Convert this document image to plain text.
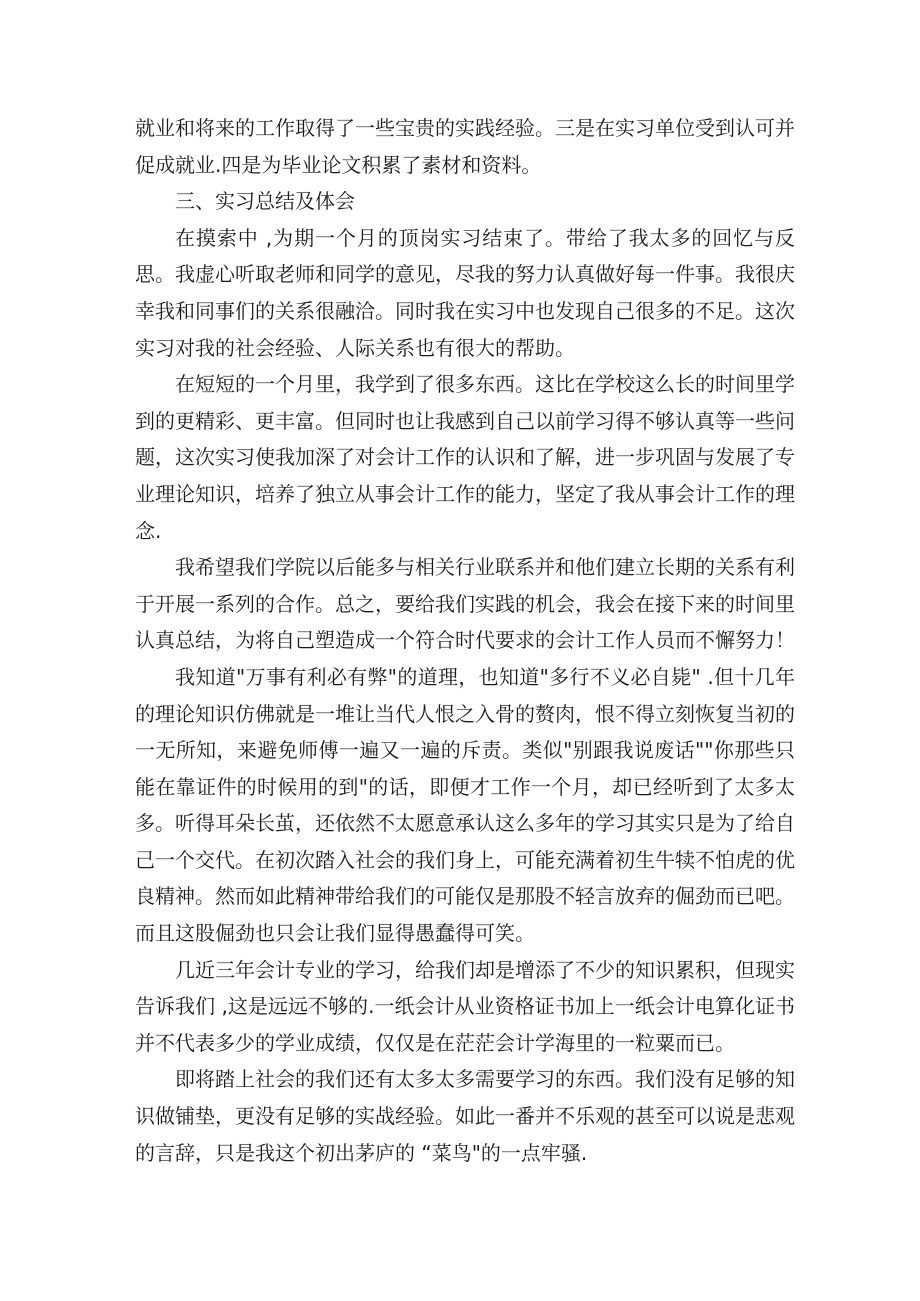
就业和将来的工作取得了一些宝贵的实践经验。三是在实习单位受到认可并促成就业.四是为毕业论文积累了素材和资料。

三、实习总结及体会

在摸索中 ,为期一个月的顶岗实习结束了。带给了我太多的回忆与反思。我虚心听取老师和同学的意见，尽我的努力认真做好每一件事。我很庆幸我和同事们的关系很融洽。同时我在实习中也发现自己很多的不足。这次实习对我的社会经验、人际关系也有很大的帮助。

在短短的一个月里，我学到了很多东西。这比在学校这么长的时间里学到的更精彩、更丰富。但同时也让我感到自己以前学习得不够认真等一些问题，这次实习使我加深了对会计工作的认识和了解，进一步巩固与发展了专业理论知识，培养了独立从事会计工作的能力，坚定了我从事会计工作的理念.

我希望我们学院以后能多与相关行业联系并和他们建立长期的关系有利于开展一系列的合作。总之，要给我们实践的机会，我会在接下来的时间里认真总结，为将自己塑造成一个符合时代要求的会计工作人员而不懈努力！

我知道"万事有利必有弊"的道理，也知道"多行不义必自毙" .但十几年的理论知识仿佛就是一堆让当代人恨之入骨的赘肉，恨不得立刻恢复当初的一无所知，来避免师傅一遍又一遍的斥责。类似"别跟我说废话""你那些只能在靠证件的时候用的到"的话，即便才工作一个月，却已经听到了太多太多。听得耳朵长茧，还依然不太愿意承认这么多年的学习其实只是为了给自己一个交代。在初次踏入社会的我们身上，可能充满着初生牛犊不怕虎的优良精神。然而如此精神带给我们的可能仅是那股不轻言放弃的倔劲而已吧。而且这股倔劲也只会让我们显得愚蠢得可笑。

几近三年会计专业的学习，给我们却是增添了不少的知识累积，但现实告诉我们 ,这是远远不够的.一纸会计从业资格证书加上一纸会计电算化证书并不代表多少的学业成绩，仅仅是在茫茫会计学海里的一粒粟而已。

即将踏上社会的我们还有太多太多需要学习的东西。我们没有足够的知识做铺垫，更没有足够的实战经验。如此一番并不乐观的甚至可以说是悲观的言辞，只是我这个初出茅庐的 “菜鸟"的一点牢骚.
